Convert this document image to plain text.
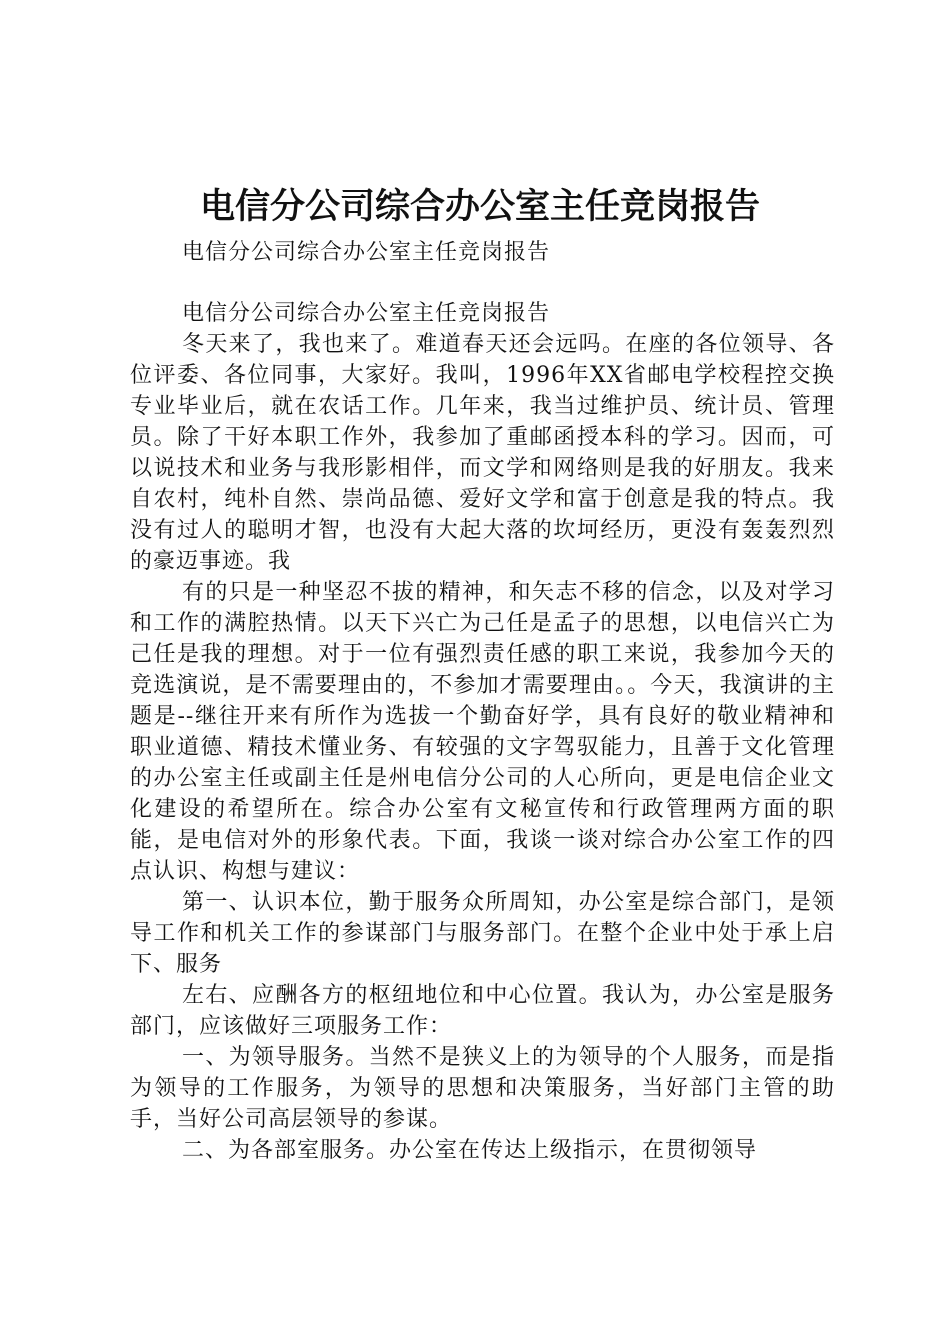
电信分公司综合办公室主任竞岗报告

电信分公司综合办公室主任竞岗报告

电信分公司综合办公室主任竞岗报告

冬天来了，我也来了。难道春天还会远吗。在座的各位领导、各位评委、各位同事，大家好。我叫，1996年XX省邮电学校程控交换专业毕业后，就在农话工作。几年来，我当过维护员、统计员、管理员。除了干好本职工作外，我参加了重邮函授本科的学习。因而，可以说技术和业务与我形影相伴，而文学和网络则是我的好朋友。我来自农村，纯朴自然、崇尚品德、爱好文学和富于创意是我的特点。我没有过人的聪明才智，也没有大起大落的坎坷经历，更没有轰轰烈烈的豪迈事迹。我

有的只是一种坚忍不拔的精神，和矢志不移的信念，以及对学习和工作的满腔热情。以天下兴亡为己任是孟子的思想，以电信兴亡为己任是我的理想。对于一位有强烈责任感的职工来说，我参加今天的竞选演说，是不需要理由的，不参加才需要理由。。今天，我演讲的主题是--继往开来有所作为选拔一个勤奋好学，具有良好的敬业精神和职业道德、精技术懂业务、有较强的文字驾驭能力，且善于文化管理的办公室主任或副主任是州电信分公司的人心所向，更是电信企业文化建设的希望所在。综合办公室有文秘宣传和行政管理两方面的职能，是电信对外的形象代表。下面，我谈一谈对综合办公室工作的四点认识、构想与建议：

第一、认识本位，勤于服务众所周知，办公室是综合部门，是领导工作和机关工作的参谋部门与服务部门。在整个企业中处于承上启下、服务

左右、应酬各方的枢纽地位和中心位置。我认为，办公室是服务部门，应该做好三项服务工作：

一、为领导服务。当然不是狭义上的为领导的个人服务，而是指为领导的工作服务，为领导的思想和决策服务，当好部门主管的助手，当好公司高层领导的参谋。

二、为各部室服务。办公室在传达上级指示，在贯彻领导
